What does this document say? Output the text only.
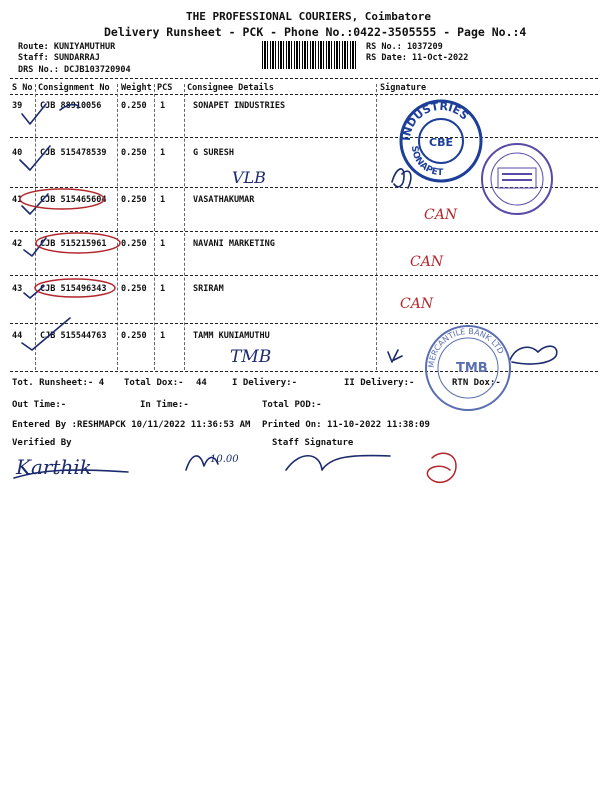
THE PROFESSIONAL COURIERS, Coimbatore
Delivery Runsheet - PCK - Phone No.:0422-3505555 - Page No.:4
Route: KUNIYAMUTHUR
Staff: SUNDARRAJ
DRS No.: DCJB103720904
RS No.: 1037209
RS Date: 11-Oct-2022
S No Consignment No Weight PCS Consignee Details	Signature
39 CJB 88910056 0.250 1	SONAPET INDUSTRIES
40 CJB 515478539 0.250 1	G SURESH
41 CJB 515465604 0.250 1	VASATHAKUMAR
42 CJB 515215961 0.250 1	NAVANI MARKETING
43 CJB 515496343 0.250 1	SRIRAM
44 CJB 515544763 0.250 1	TAMM KUNIAMUTHU
Tot. Runsheet:- 4 Total Dox:- 44	I Delivery:-	II Delivery:-	RTN Dox:-
Out Time:-	In Time:-	Total POD:-
Entered By :RESHMAPCK 10/11/2022 11:36:53 AM Printed On: 11-10-2022 11:38:09
Verified By	Staff Signature
VLB
CAN
CAN
CAN
TMB
Karthik	10.00
INDUSTRIES
SONAPET
CBE
MERCANTILE BANK LTD
TMB
